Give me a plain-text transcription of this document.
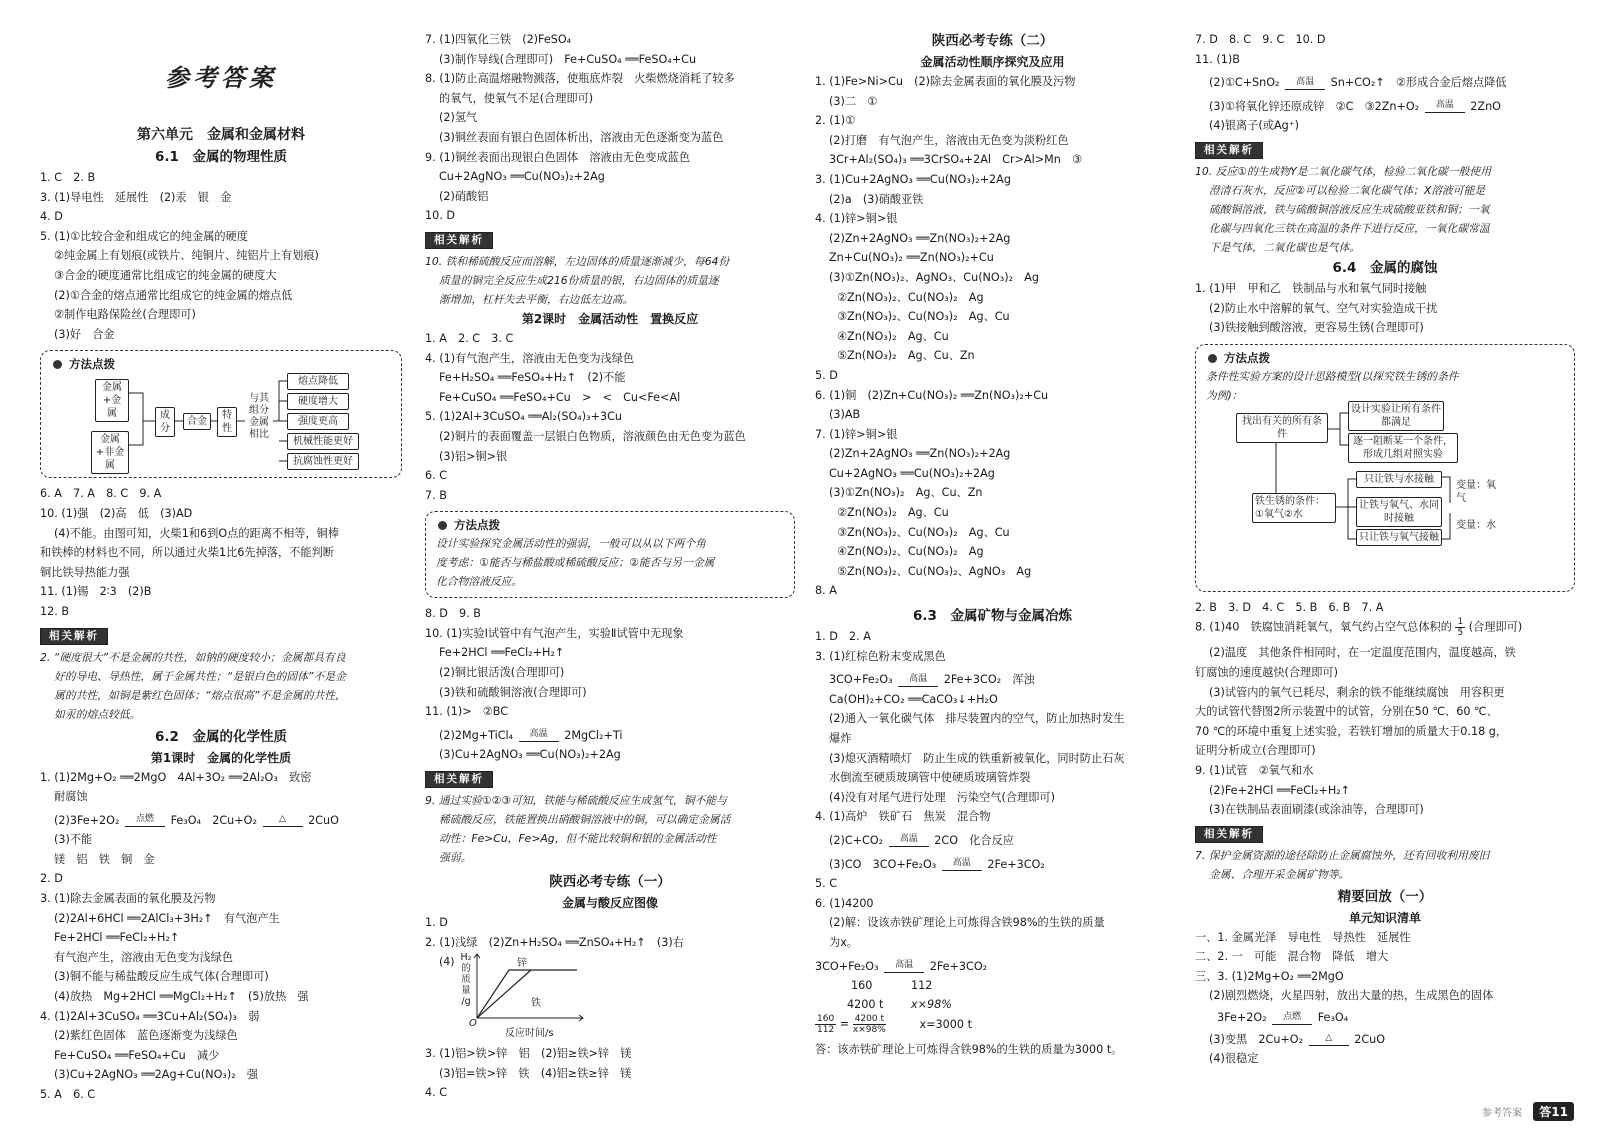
参考答案
第六单元　金属和金属材料
6.1　金属的物理性质
1. C　2. B
3. (1)导电性　延展性　(2)汞　银　金
4. D
5. (1)①比较合金和组成它的纯金属的硬度
②纯金属上有划痕(或铁片、纯铜片、纯铝片上有划痕)
③合金的硬度通常比组成它的纯金属的硬度大
(2)①合金的熔点通常比组成它的纯金属的熔点低
②制作电路保险丝(合理即可)
(3)好　合金
方法点拨
金属+金属
金属+非金属
成分
合金
特性
与其组分金属相比
熔点降低
硬度增大
强度更高
机械性能更好
抗腐蚀性更好
6. A　7. A　8. C　9. A
10. (1)强　(2)高　低　(3)AD
(4)不能。由图可知，火柴1和6到O点的距离不相等，铜棒
和铁棒的材料也不同，所以通过火柴1比6先掉落，不能判断
铜比铁导热能力强
11. (1)锡　2∶3　(2)B
12. B
相关解析
2. “硬度很大”不是金属的共性，如钠的硬度较小；金属都具有良
好的导电、导热性，属于金属共性；“是银白色的固体”不是金
属的共性，如铜是紫红色固体；“熔点很高”不是金属的共性，
如汞的熔点较低。
6.2　金属的化学性质
第1课时　金属的化学性质
1. (1)2Mg+O₂ ══2MgO　4Al+3O₂ ══2Al₂O₃　致密
耐腐蚀
(2)3Fe+2O₂	点燃	Fe₃O₄　2Cu+O₂	△	2CuO
(3)不能
镁　铝　铁　铜　金
2. D
3. (1)除去金属表面的氧化膜及污物
(2)2Al+6HCl ══2AlCl₃+3H₂↑　有气泡产生
Fe+2HCl ══FeCl₂+H₂↑
有气泡产生，溶液由无色变为浅绿色
(3)铜不能与稀盐酸反应生成气体(合理即可)
(4)放热　Mg+2HCl ══MgCl₂+H₂↑　(5)放热　强
4. (1)2Al+3CuSO₄ ══3Cu+Al₂(SO₄)₃　弱
(2)紫红色固体　蓝色逐渐变为浅绿色
Fe+CuSO₄ ══FeSO₄+Cu　减少
(3)Cu+2AgNO₃ ══2Ag+Cu(NO₃)₂　强
5. A　6. C
7. (1)四氧化三铁　(2)FeSO₄
(3)制作导线(合理即可)　Fe+CuSO₄ ══FeSO₄+Cu
8. (1)防止高温熔融物溅落，使瓶底炸裂　火柴燃烧消耗了较多
的氧气，使氧气不足(合理即可)
(2)氢气
(3)铜丝表面有银白色固体析出，溶液由无色逐渐变为蓝色
9. (1)铜丝表面出现银白色固体　溶液由无色变成蓝色
Cu+2AgNO₃ ══Cu(NO₃)₂+2Ag
(2)硝酸铝
10. D
相关解析
10. 铁和稀硫酸反应而溶解，左边固体的质量逐渐减少，每64份
质量的铜完全反应生成216份质量的银，右边固体的质量逐
渐增加，杠杆失去平衡，右边低左边高。
第2课时　金属活动性　置换反应
1. A　2. C　3. C
4. (1)有气泡产生，溶液由无色变为浅绿色
Fe+H₂SO₄ ══FeSO₄+H₂↑　(2)不能
Fe+CuSO₄ ══FeSO₄+Cu　>　<　Cu<Fe<Al
5. (1)2Al+3CuSO₄ ══Al₂(SO₄)₃+3Cu
(2)铜片的表面覆盖一层银白色物质，溶液颜色由无色变为蓝色
(3)铝>铜>银
6. C
7. B
方法点拨
设计实验探究金属活动性的强弱，一般可以从以下两个角
度考虑：①能否与稀盐酸或稀硫酸反应；②能否与另一金属
化合物溶液反应。
8. D　9. B
10. (1)实验Ⅰ试管中有气泡产生，实验Ⅱ试管中无现象
Fe+2HCl ══FeCl₂+H₂↑
(2)铜比银活泼(合理即可)
(3)铁和硫酸铜溶液(合理即可)
11. (1)>　②BC
(2)2Mg+TiCl₄	高温	2MgCl₂+Ti
(3)Cu+2AgNO₃ ══Cu(NO₃)₂+2Ag
相关解析
9. 通过实验①②③可知，铁能与稀硫酸反应生成氢气，铜不能与
稀硫酸反应，铁能置换出硝酸铜溶液中的铜，可以确定金属活
动性：Fe>Cu，Fe>Ag，但不能比较铜和银的金属活动性
强弱。
陕西必考专练（一）
金属与酸反应图像
1. D
2. (1)浅绿　(2)Zn+H₂SO₄ ══ZnSO₄+H₂↑　(3)右
(4) H₂
的
质
量
/g
锌
铁
O
反应时间/s
3. (1)铝>铁>锌　铝　(2)铝≥铁>锌　镁
(3)铝=铁>锌　铁　(4)铝≥铁≥锌　镁
4. C
陕西必考专练（二）
金属活动性顺序探究及应用
1. (1)Fe>Ni>Cu　(2)除去金属表面的氧化膜及污物
(3)二　①
2. (1)①
(2)打磨　有气泡产生，溶液由无色变为淡粉红色
3Cr+Al₂(SO₄)₃ ══3CrSO₄+2Al　Cr>Al>Mn　③
3. (1)Cu+2AgNO₃ ══Cu(NO₃)₂+2Ag
(2)a　(3)硝酸亚铁
4. (1)锌>铜>银
(2)Zn+2AgNO₃ ══Zn(NO₃)₂+2Ag
Zn+Cu(NO₃)₂ ══Zn(NO₃)₂+Cu
(3)①Zn(NO₃)₂、AgNO₃、Cu(NO₃)₂　Ag
②Zn(NO₃)₂、Cu(NO₃)₂　Ag
③Zn(NO₃)₂、Cu(NO₃)₂　Ag、Cu
④Zn(NO₃)₂　Ag、Cu
⑤Zn(NO₃)₂　Ag、Cu、Zn
5. D
6. (1)铜　(2)Zn+Cu(NO₃)₂ ══Zn(NO₃)₂+Cu
(3)AB
7. (1)锌>铜>银
(2)Zn+2AgNO₃ ══Zn(NO₃)₂+2Ag
Cu+2AgNO₃ ══Cu(NO₃)₂+2Ag
(3)①Zn(NO₃)₂　Ag、Cu、Zn
②Zn(NO₃)₂　Ag、Cu
③Zn(NO₃)₂、Cu(NO₃)₂　Ag、Cu
④Zn(NO₃)₂、Cu(NO₃)₂　Ag
⑤Zn(NO₃)₂、Cu(NO₃)₂、AgNO₃　Ag
8. A
6.3　金属矿物与金属冶炼
1. D　2. A
3. (1)红棕色粉末变成黑色
3CO+Fe₂O₃	高温	2Fe+3CO₂　浑浊
Ca(OH)₂+CO₂ ══CaCO₃↓+H₂O
(2)通入一氧化碳气体　排尽装置内的空气，防止加热时发生
爆炸
(3)熄灭酒精喷灯　防止生成的铁重新被氧化，同时防止石灰
水倒流至硬质玻璃管中使硬质玻璃管炸裂
(4)没有对尾气进行处理　污染空气(合理即可)
4. (1)高炉　铁矿石　焦炭　混合物
(2)C+CO₂	高温	2CO　化合反应
(3)CO　3CO+Fe₂O₃	高温	2Fe+3CO₂
5. C
6. (1)4200
(2)解：设该赤铁矿理论上可炼得含铁98%的生铁的质量
为x。
3CO+Fe₂O₃	高温	2Fe+3CO₂
160	112
4200 t x×98%
$\frac{160}{112} = \frac{4200 t}{x\times 98\%}$	x=3000 t
答：该赤铁矿理论上可炼得含铁98%的生铁的质量为3000 t。
7. D　8. C　9. C　10. D
11. (1)B
(2)①C+SnO₂	高温	Sn+CO₂↑　②形成合金后熔点降低
(3)①将氧化锌还原成锌　②C　③2Zn+O₂	高温	2ZnO
(4)银离子(或Ag⁺)
相关解析
10. 反应①的生成物Y是二氧化碳气体，检验二氧化碳一般使用
澄清石灰水，反应②可以检验二氧化碳气体；X溶液可能是
硫酸铜溶液，铁与硫酸铜溶液反应生成硫酸亚铁和铜；一氧
化碳与四氧化三铁在高温的条件下进行反应，一氧化碳常温
下是气体，二氧化碳也是气体。
6.4　金属的腐蚀
1. (1)甲　甲和乙　铁制品与水和氧气同时接触
(2)防止水中溶解的氧气、空气对实验造成干扰
(3)铁接触到酸溶液，更容易生锈(合理即可)
方法点拨
条件性实验方案的设计思路模型(以探究铁生锈的条件
为例)：
找出有关的所有条件
设计实验让所有条件都满足
逐一阻断某一个条件，形成几组对照实验
铁生锈的条件：①氧气②水
只让铁与水接触
让铁与氧气、水同时接触
只让铁与氧气接触
变量：氧气
变量：水
2. B　3. D　4. C　5. B　6. B　7. A
8. (1)40　铁腐蚀消耗氧气，氧气约占空气总体积的 $\frac{1}{5}$ (合理即可)
(2)温度　其他条件相同时，在一定温度范围内，温度越高，铁
钉腐蚀的速度越快(合理即可)
(3)试管内的氧气已耗尽，剩余的铁不能继续腐蚀　用容积更
大的试管代替图2所示装置中的试管，分别在50 ℃、60 ℃、
70 ℃的环境中重复上述实验，若铁钉增加的质量大于0.18 g，
证明分析成立(合理即可)
9. (1)试管　②氧气和水
(2)Fe+2HCl ══FeCl₂+H₂↑
(3)在铁制品表面刷漆(或涂油等，合理即可)
相关解析
7. 保护金属资源的途径除防止金属腐蚀外，还有回收利用废旧
金属、合理开采金属矿物等。
精要回放（一）
单元知识清单
一、1. 金属光泽　导电性　导热性　延展性
二、2. 一　可能　混合物　降低　增大
三、3. (1)2Mg+O₂ ══2MgO
(2)剧烈燃烧，火星四射，放出大量的热，生成黑色的固体
3Fe+2O₂	点燃	Fe₃O₄
(3)变黑　2Cu+O₂	△	2CuO
(4)很稳定
参考答案	答11
